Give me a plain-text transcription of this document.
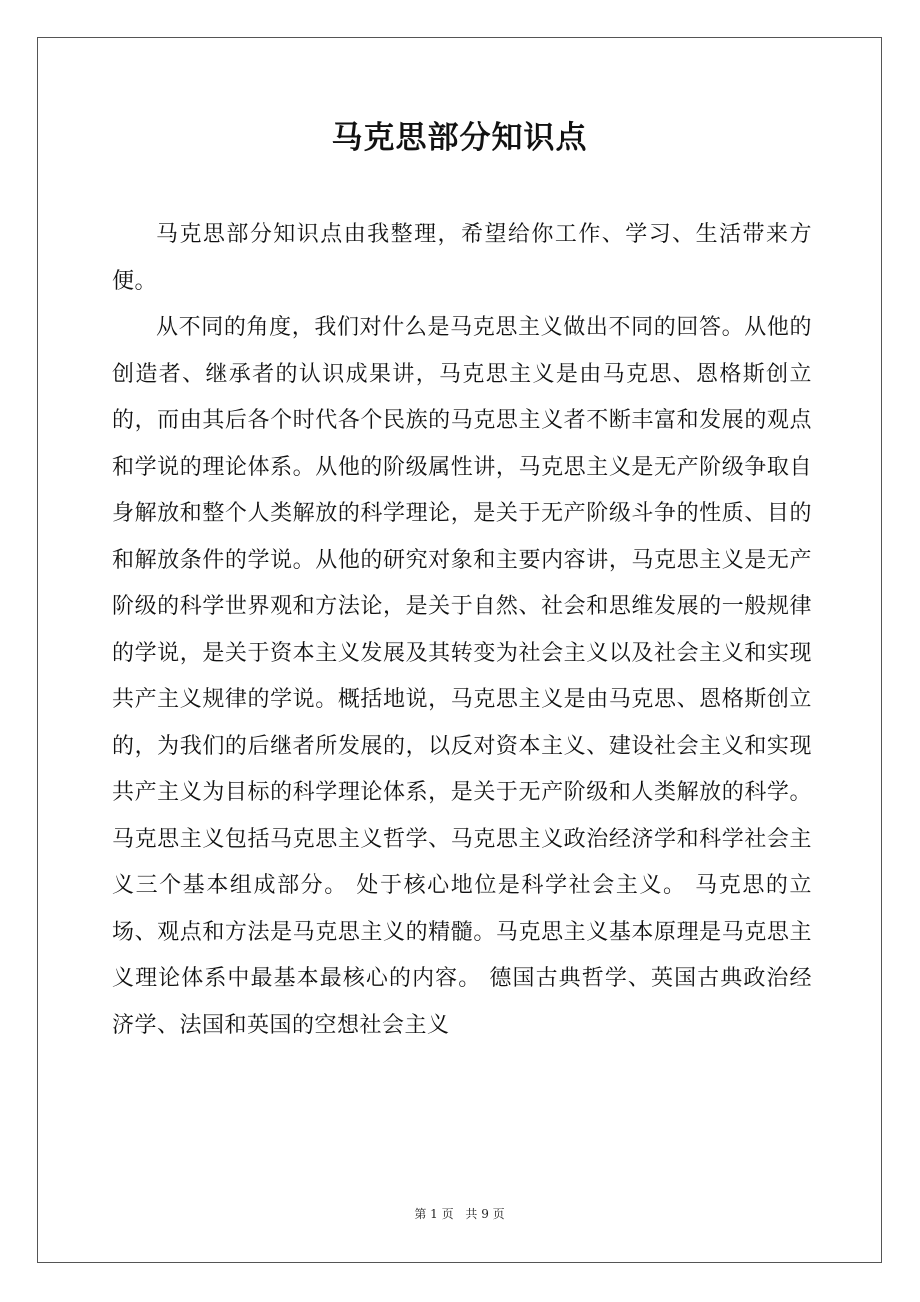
马克思部分知识点

马克思部分知识点由我整理，希望给你工作、学习、生活带来方便。

从不同的角度，我们对什么是马克思主义做出不同的回答。从他的创造者、继承者的认识成果讲，马克思主义是由马克思、恩格斯创立的，而由其后各个时代各个民族的马克思主义者不断丰富和发展的观点和学说的理论体系。从他的阶级属性讲，马克思主义是无产阶级争取自身解放和整个人类解放的科学理论，是关于无产阶级斗争的性质、目的和解放条件的学说。从他的研究对象和主要内容讲，马克思主义是无产阶级的科学世界观和方法论，是关于自然、社会和思维发展的一般规律的学说，是关于资本主义发展及其转变为社会主义以及社会主义和实现共产主义规律的学说。概括地说，马克思主义是由马克思、恩格斯创立的，为我们的后继者所发展的，以反对资本主义、建设社会主义和实现共产主义为目标的科学理论体系，是关于无产阶级和人类解放的科学。马克思主义包括马克思主义哲学、马克思主义政治经济学和科学社会主义三个基本组成部分。 处于核心地位是科学社会主义。 马克思的立场、观点和方法是马克思主义的精髓。马克思主义基本原理是马克思主义理论体系中最基本最核心的内容。 德国古典哲学、英国古典政治经济学、法国和英国的空想社会主义

第 1 页 共 9 页
